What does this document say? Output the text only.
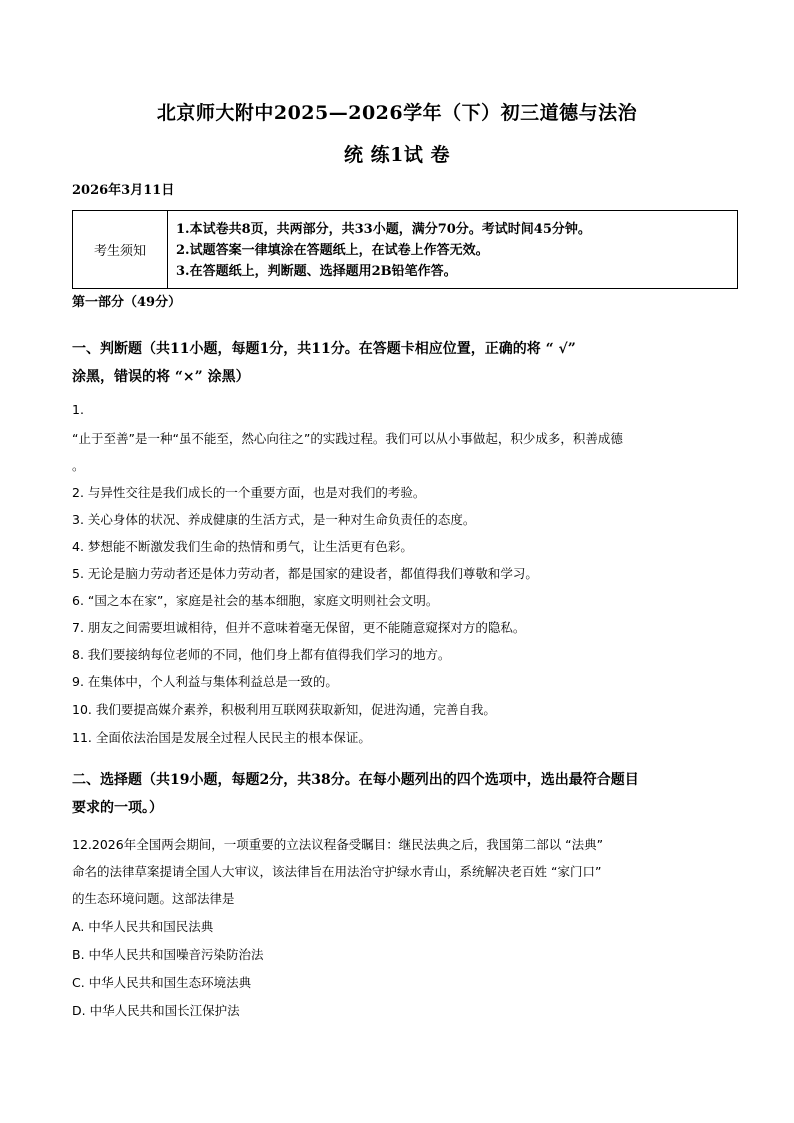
北京师大附中2025—2026学年（下）初三道德与法治
统 练1试 卷
2026年3月11日
考生须知
1.本试卷共8页，共两部分，共33小题，满分70分。考试时间45分钟。
2.试题答案一律填涂在答题纸上，在试卷上作答无效。
3.在答题纸上，判断题、选择题用2B铅笔作答。
第一部分（49分）
一、判断题（共11小题，每题1分，共11分。在答题卡相应位置，正确的将 “ √”
涂黑，错误的将 “×” 涂黑）
1.
“止于至善”是一种“虽不能至，然心向往之”的实践过程。我们可以从小事做起，积少成多，积善成德
。
2. 与异性交往是我们成长的一个重要方面，也是对我们的考验。
3. 关心身体的状况、养成健康的生活方式，是一种对生命负责任的态度。
4. 梦想能不断激发我们生命的热情和勇气，让生活更有色彩。
5. 无论是脑力劳动者还是体力劳动者，都是国家的建设者，都值得我们尊敬和学习。
6. “国之本在家”，家庭是社会的基本细胞，家庭文明则社会文明。
7. 朋友之间需要坦诚相待，但并不意味着毫无保留，更不能随意窥探对方的隐私。
8. 我们要接纳每位老师的不同，他们身上都有值得我们学习的地方。
9. 在集体中，个人利益与集体利益总是一致的。
10. 我们要提高媒介素养，积极利用互联网获取新知，促进沟通，完善自我。
11. 全面依法治国是发展全过程人民民主的根本保证。
二、选择题（共19小题，每题2分，共38分。在每小题列出的四个选项中，选出最符合题目
要求的一项。）
12.2026年全国两会期间，一项重要的立法议程备受瞩目：继民法典之后，我国第二部以 “法典”
命名的法律草案提请全国人大审议，该法律旨在用法治守护绿水青山，系统解决老百姓 “家门口”
的生态环境问题。这部法律是
A. 中华人民共和国民法典
B. 中华人民共和国噪音污染防治法
C. 中华人民共和国生态环境法典
D. 中华人民共和国长江保护法
